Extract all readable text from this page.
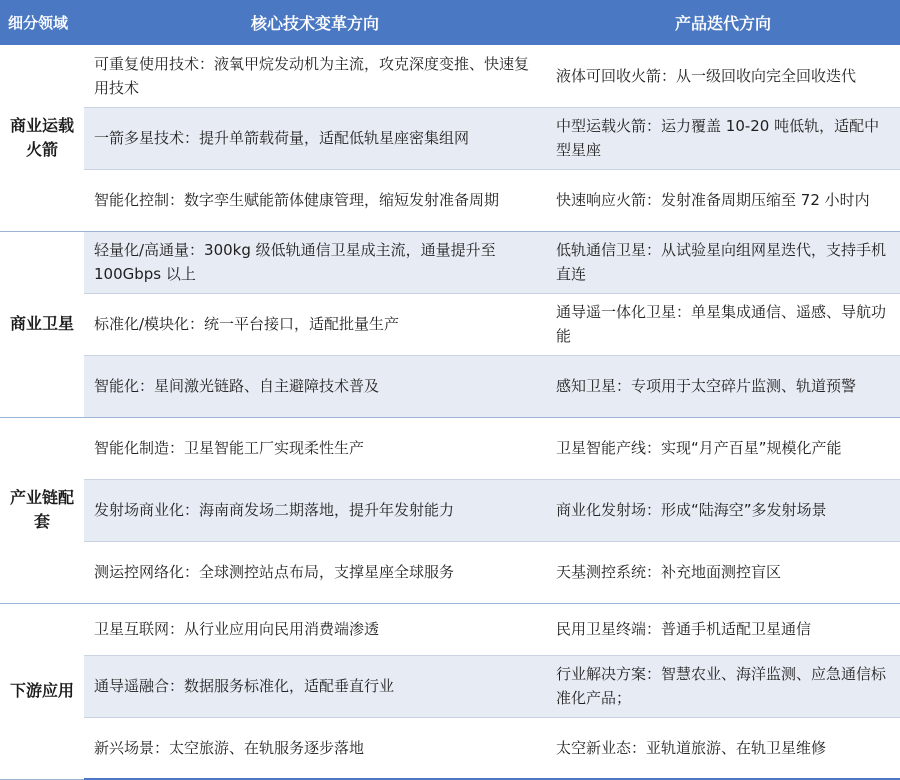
细分领域	核心技术变革方向	产品迭代方向
商业运载火箭	可重复使用技术：液氧甲烷发动机为主流，攻克深度变推、快速复用技术	液体可回收火箭：从一级回收向完全回收迭代
	一箭多星技术：提升单箭载荷量，适配低轨星座密集组网	中型运载火箭：运力覆盖 10-20 吨低轨，适配中型星座
	智能化控制：数字孪生赋能箭体健康管理，缩短发射准备周期	快速响应火箭：发射准备周期压缩至 72 小时内
商业卫星	轻量化/高通量：300kg 级低轨通信卫星成主流，通量提升至 100Gbps 以上	低轨通信卫星：从试验星向组网星迭代，支持手机直连
	标准化/模块化：统一平台接口，适配批量生产	通导遥一体化卫星：单星集成通信、遥感、导航功能
	智能化：星间激光链路、自主避障技术普及	感知卫星：专项用于太空碎片监测、轨道预警
产业链配套	智能化制造：卫星智能工厂实现柔性生产	卫星智能产线：实现“月产百星”规模化产能
	发射场商业化：海南商发场二期落地，提升年发射能力	商业化发射场：形成“陆海空”多发射场景
	测运控网络化：全球测控站点布局，支撑星座全球服务	天基测控系统：补充地面测控盲区
下游应用	卫星互联网：从行业应用向民用消费端渗透	民用卫星终端：普通手机适配卫星通信
	通导遥融合：数据服务标准化，适配垂直行业	行业解决方案：智慧农业、海洋监测、应急通信标准化产品；
	新兴场景：太空旅游、在轨服务逐步落地	太空新业态：亚轨道旅游、在轨卫星维修
